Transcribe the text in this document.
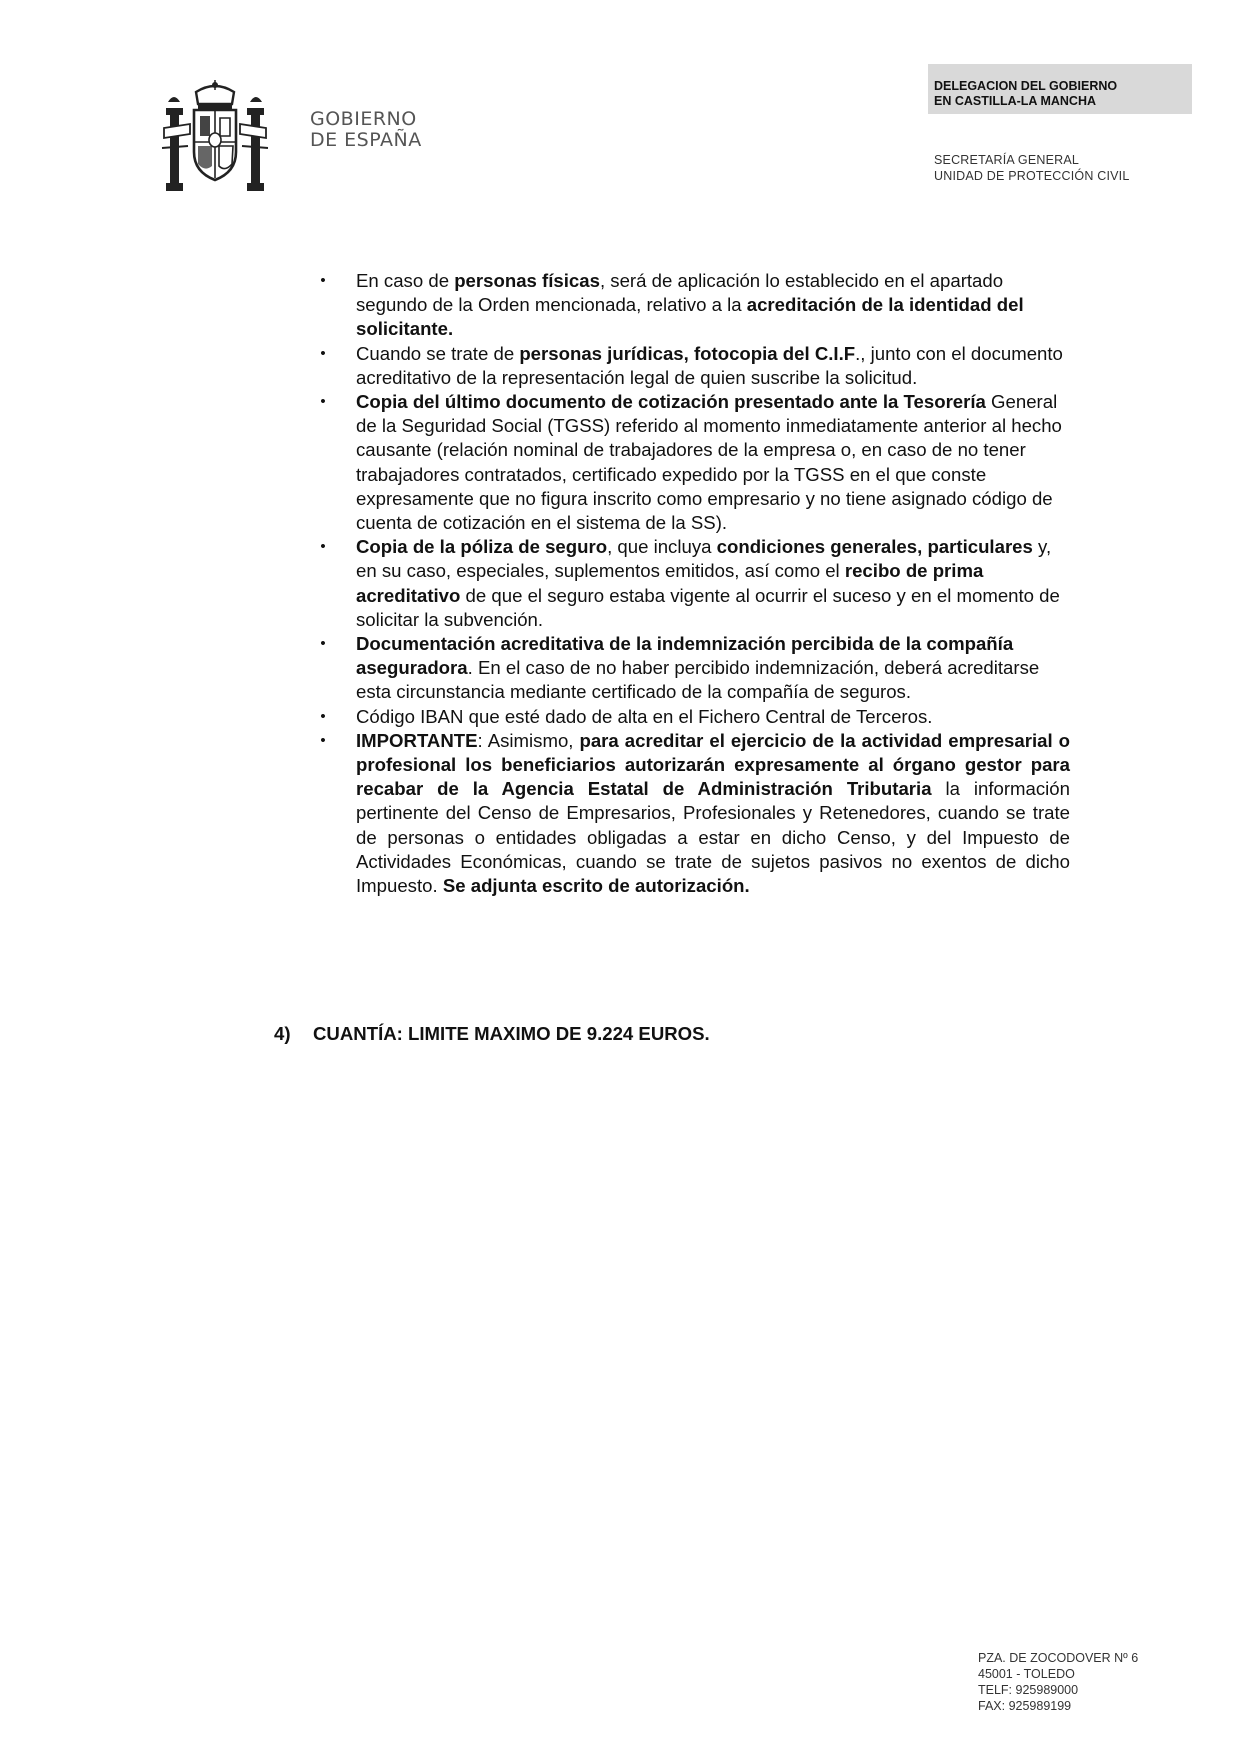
GOBIERNO
DE ESPAÑA
DELEGACION DEL GOBIERNO
EN CASTILLA-LA MANCHA
SECRETARÍA GENERAL
UNIDAD DE PROTECCIÓN CIVIL
• En caso de personas físicas, será de aplicación lo establecido en el apartado segundo de la Orden mencionada, relativo a la acreditación de la identidad del solicitante.
• Cuando se trate de personas jurídicas, fotocopia del C.I.F., junto con el documento acreditativo de la representación legal de quien suscribe la solicitud.
• Copia del último documento de cotización presentado ante la Tesorería General de la Seguridad Social (TGSS) referido al momento inmediatamente anterior al hecho causante (relación nominal de trabajadores de la empresa o, en caso de no tener trabajadores contratados, certificado expedido por la TGSS en el que conste expresamente que no figura inscrito como empresario y no tiene asignado código de cuenta de cotización en el sistema de la SS).
• Copia de la póliza de seguro, que incluya condiciones generales, particulares y, en su caso, especiales, suplementos emitidos, así como el recibo de prima acreditativo de que el seguro estaba vigente al ocurrir el suceso y en el momento de solicitar la subvención.
• Documentación acreditativa de la indemnización percibida de la compañía aseguradora. En el caso de no haber percibido indemnización, deberá acreditarse esta circunstancia mediante certificado de la compañía de seguros.
• Código IBAN que esté dado de alta en el Fichero Central de Terceros.
• IMPORTANTE: Asimismo, para acreditar el ejercicio de la actividad empresarial o profesional los beneficiarios autorizarán expresamente al órgano gestor para recabar de la Agencia Estatal de Administración Tributaria la información pertinente del Censo de Empresarios, Profesionales y Retenedores, cuando se trate de personas o entidades obligadas a estar en dicho Censo, y del Impuesto de Actividades Económicas, cuando se trate de sujetos pasivos no exentos de dicho Impuesto. Se adjunta escrito de autorización.
4) CUANTÍA: LIMITE MAXIMO DE 9.224 EUROS.
PZA. DE ZOCODOVER Nº 6
45001 - TOLEDO
TELF: 925989000
FAX: 925989199
